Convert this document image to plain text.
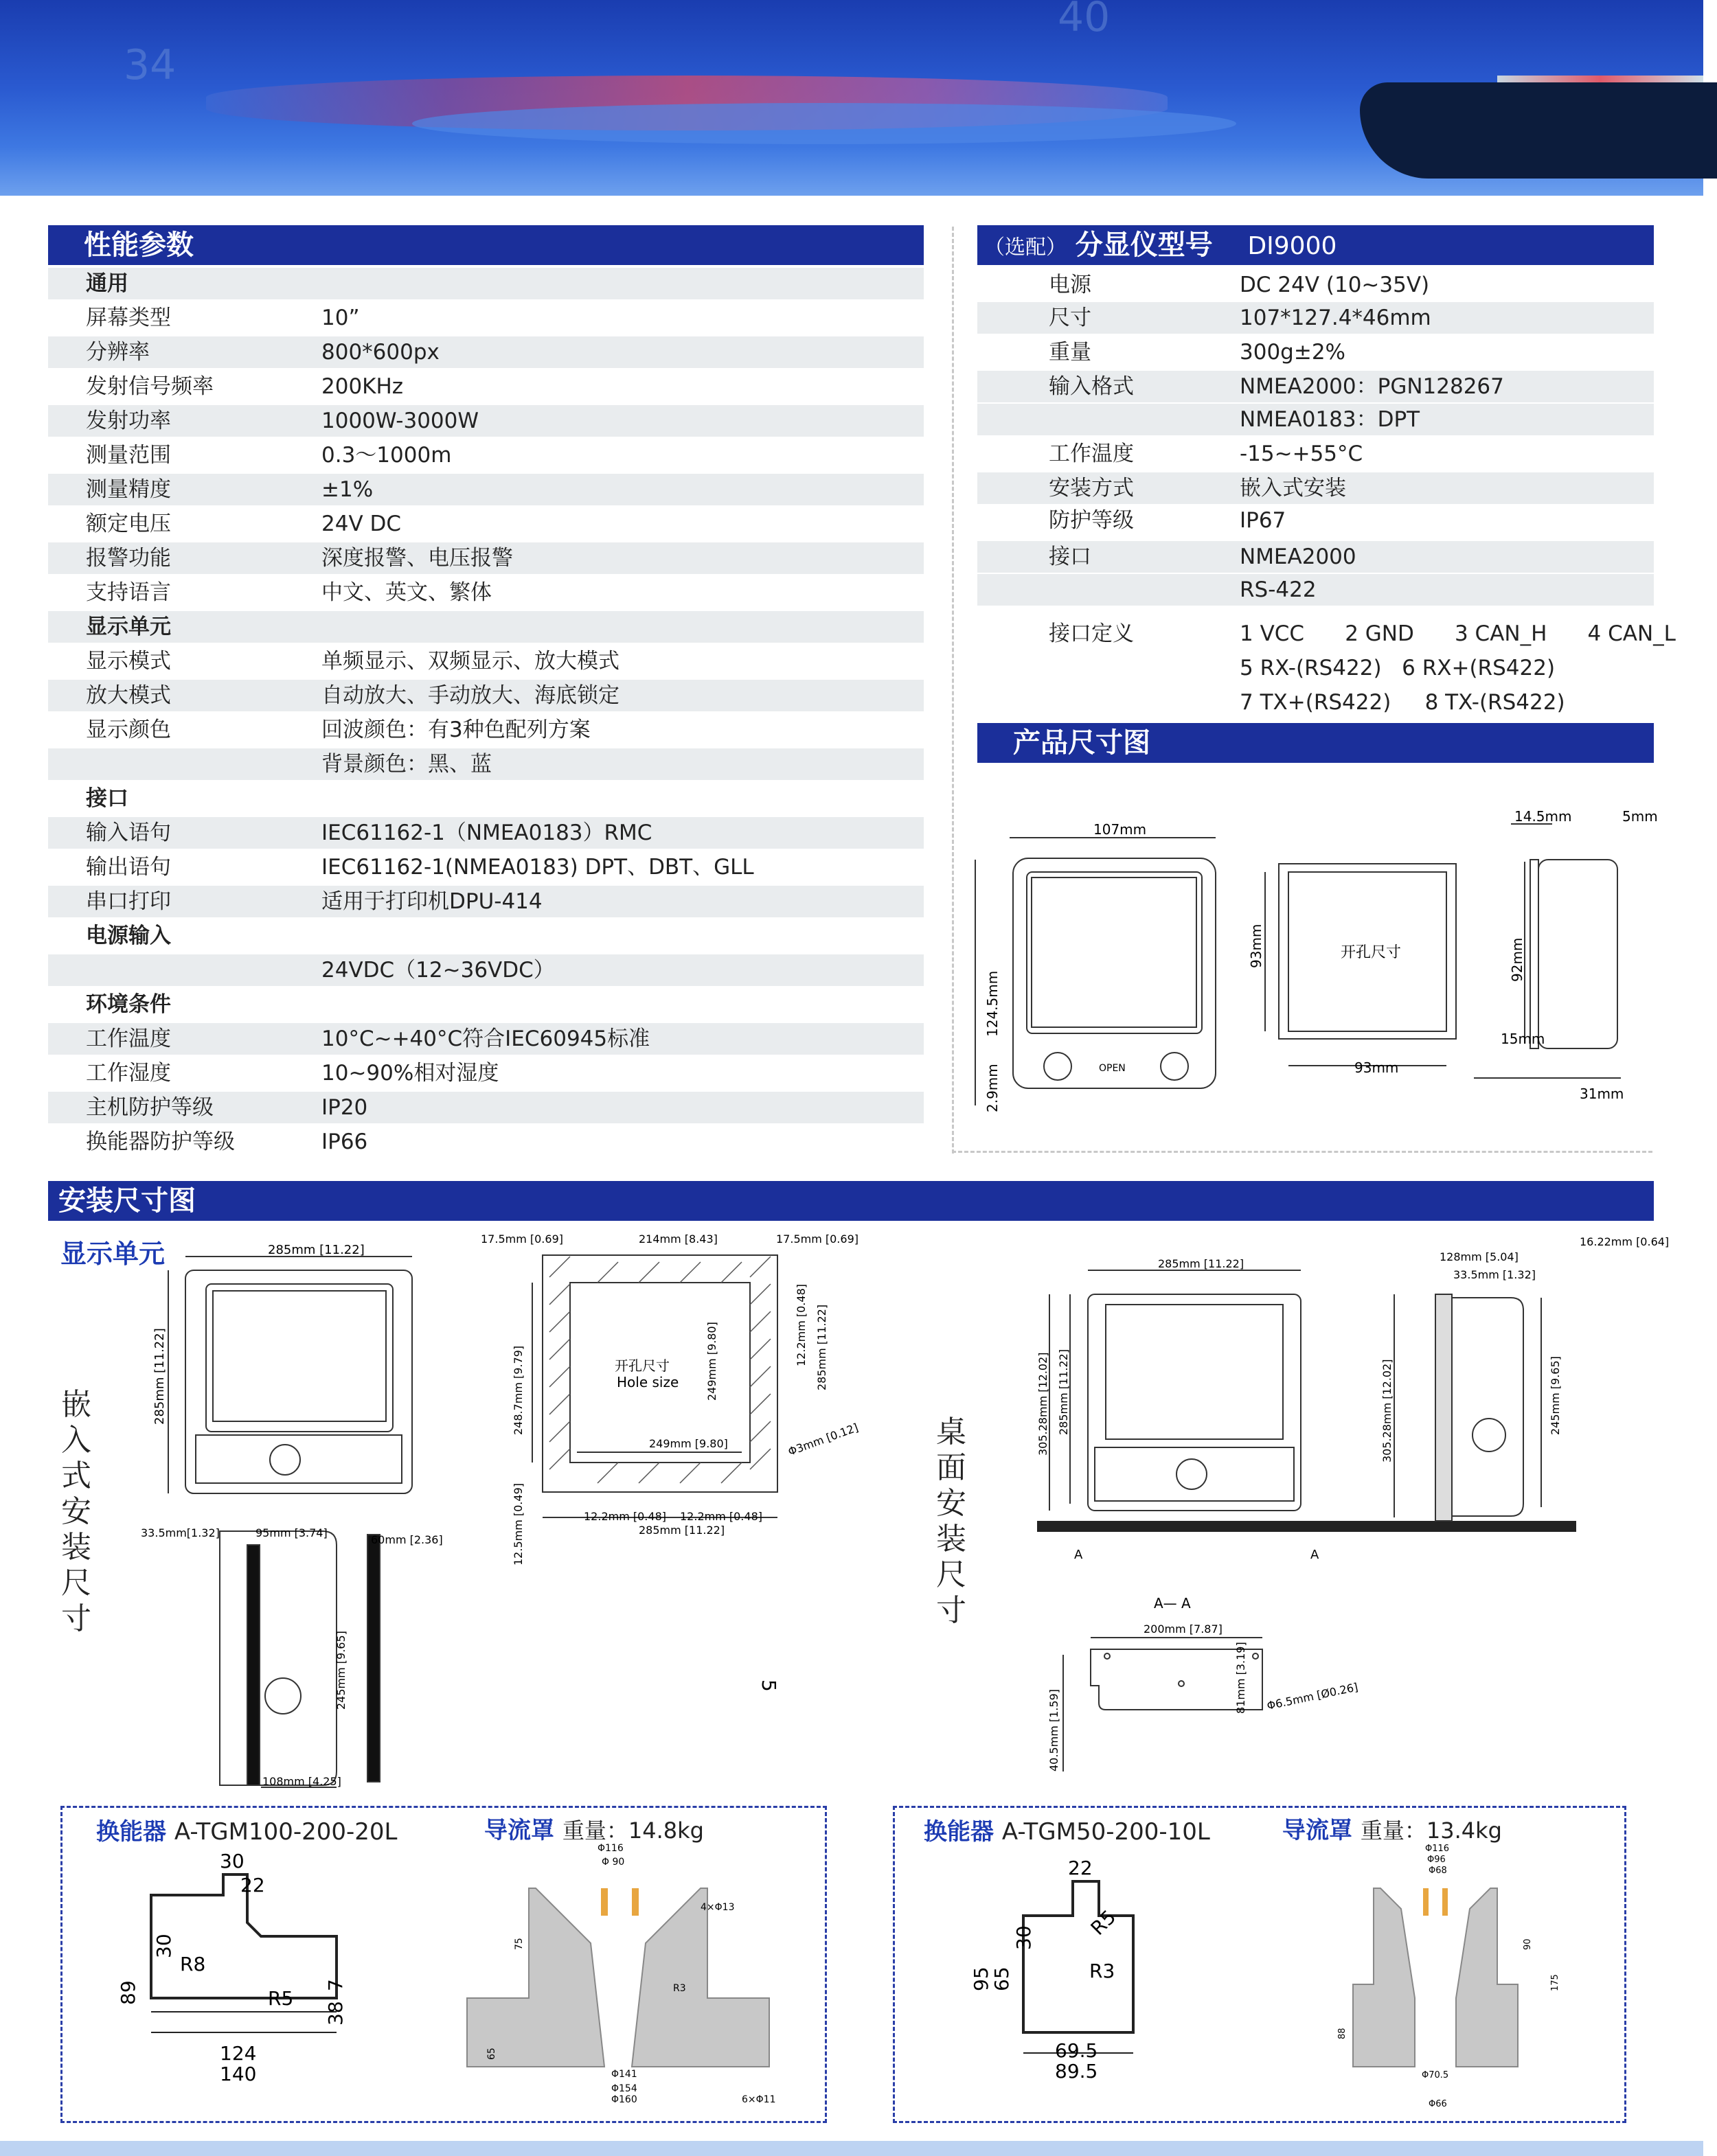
34
40
性能参数
通用
屏幕类型	10”
分辨率	800*600px
发射信号频率	200KHz
发射功率	1000W-3000W
测量范围	0.3～1000m
测量精度	±1%
额定电压	24V DC
报警功能	深度报警、电压报警
支持语言	中文、英文、繁体
显示单元
显示模式	单频显示、双频显示、放大模式
放大模式	自动放大、手动放大、海底锁定
显示颜色	回波颜色：有3种色配列方案
背景颜色：黑、蓝
接口
输入语句	IEC61162-1（NMEA0183）RMC
输出语句	IEC61162-1(NMEA0183) DPT、DBT、GLL
串口打印	适用于打印机DPU-414
电源输入
24VDC（12~36VDC）
环境条件
工作温度	10°C~+40°C符合IEC60945标准
工作湿度	10~90%相对湿度
主机防护等级	IP20
换能器防护等级	IP66
（选配） 分显仪型号 DI9000
电源	DC 24V (10~35V)
尺寸	107*127.4*46mm
重量	300g±2%
输入格式	NMEA2000：PGN128267
NMEA0183：DPT
工作温度	-15~+55°C
安装方式	嵌入式安装
防护等级	IP67
接口	NMEA2000
RS-422
接口定义	1 VCC      2 GND      3 CAN_H      4 CAN_L
5 RX-(RS422)   6 RX+(RS422)
7 TX+(RS422)     8 TX-(RS422)
产品尺寸图
107mm
124.5mm
2.9mm	OPEN
开孔尺寸
93mm
93mm
14.5mm	5mm
92mm
15mm
31mm
安装尺寸图
显示单元
嵌入式安装尺寸
桌面安装尺寸
285mm [11.22]
285mm [11.22]
33.5mm[1.32]	95mm [3.74]
60mm [2.36]
245mm [9.65]
108mm [4.25]
17.5mm [0.69]	214mm [8.43]	17.5mm [0.69]
248.7mm [9.79]	249mm [9.80]	12.2mm [0.48] 285mm [11.22]
开孔尺寸
Hole size
249mm [9.80]	Φ3mm [0.12]
12.2mm [0.48] 12.2mm [0.48]
285mm [11.22]
12.5mm [0.49]
285mm [11.22]
305.28mm [12.02] 285mm [11.22]
A	A
16.22mm [0.64]
128mm [5.04]
33.5mm [1.32]
305.28mm [12.02]	245mm [9.65]
A— A
200mm [7.87]
81mm [3.19]
40.5mm [1.59]	Φ6.5mm [Ø0.26]
换能器 A-TGM100-200-20L	导流罩 重量：14.8kg
30
22
30
R8
89	R5
38
7
124
140
Φ116
Φ 90
4×Φ13
75
65
R3
Φ141
Φ154
Φ160	6×Φ11
换能器 A-TGM50-200-10L	导流罩 重量：13.4kg
22
30	R5
95
65	R3
5
69.5
89.5
Φ116
Φ96
Φ68
90
175
88
Φ70.5
Φ66
